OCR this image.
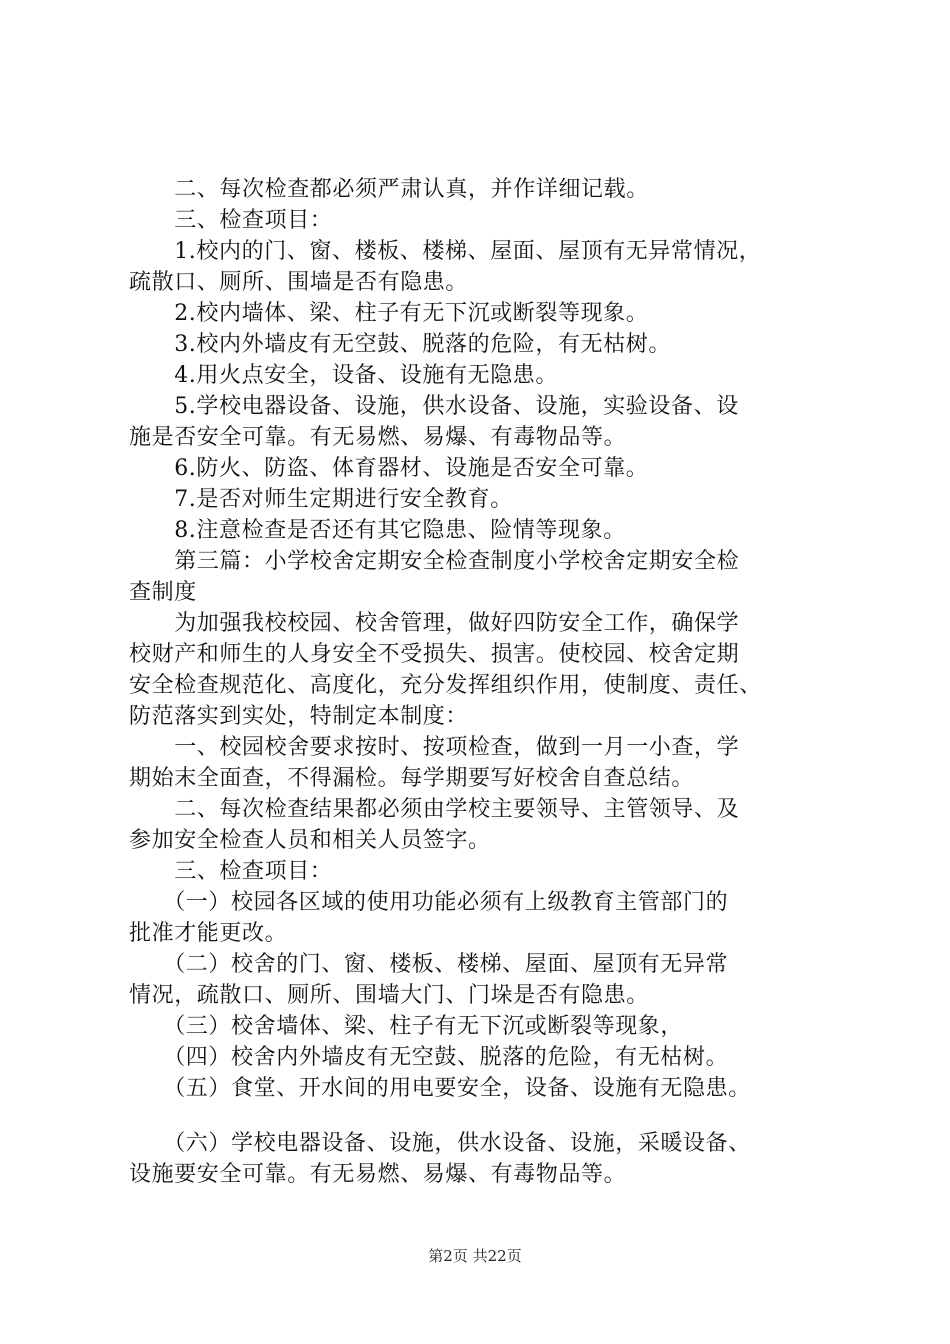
　　二、每次检查都必须严肃认真，并作详细记载。
　　三、检查项目：
　　1.校内的门、窗、楼板、楼梯、屋面、屋顶有无异常情况，
疏散口、厕所、围墙是否有隐患。
　　2.校内墙体、梁、柱子有无下沉或断裂等现象。
　　3.校内外墙皮有无空鼓、脱落的危险，有无枯树。
　　4.用火点安全，设备、设施有无隐患。
　　5.学校电器设备、设施，供水设备、设施，实验设备、设
施是否安全可靠。有无易燃、易爆、有毒物品等。
　　6.防火、防盗、体育器材、设施是否安全可靠。
　　7.是否对师生定期进行安全教育。
　　8.注意检查是否还有其它隐患、险情等现象。
　　第三篇：小学校舍定期安全检查制度小学校舍定期安全检
查制度
　　为加强我校校园、校舍管理，做好四防安全工作，确保学
校财产和师生的人身安全不受损失、损害。使校园、校舍定期
安全检查规范化、高度化，充分发挥组织作用，使制度、责任、
防范落实到实处，特制定本制度：
　　一、校园校舍要求按时、按项检查，做到一月一小查，学
期始末全面查，不得漏检。每学期要写好校舍自查总结。
　　二、每次检查结果都必须由学校主要领导、主管领导、及
参加安全检查人员和相关人员签字。
　　三、检查项目：
　　（一）校园各区域的使用功能必须有上级教育主管部门的
批准才能更改。
　　（二）校舍的门、窗、楼板、楼梯、屋面、屋顶有无异常
情况，疏散口、厕所、围墙大门、门垛是否有隐患。
　　（三）校舍墙体、梁、柱子有无下沉或断裂等现象，
　　（四）校舍内外墙皮有无空鼓、脱落的危险，有无枯树。
　　（五）食堂、开水间的用电要安全，设备、设施有无隐患。
　　（六）学校电器设备、设施，供水设备、设施，采暖设备、
设施要安全可靠。有无易燃、易爆、有毒物品等。
第2页 共22页
